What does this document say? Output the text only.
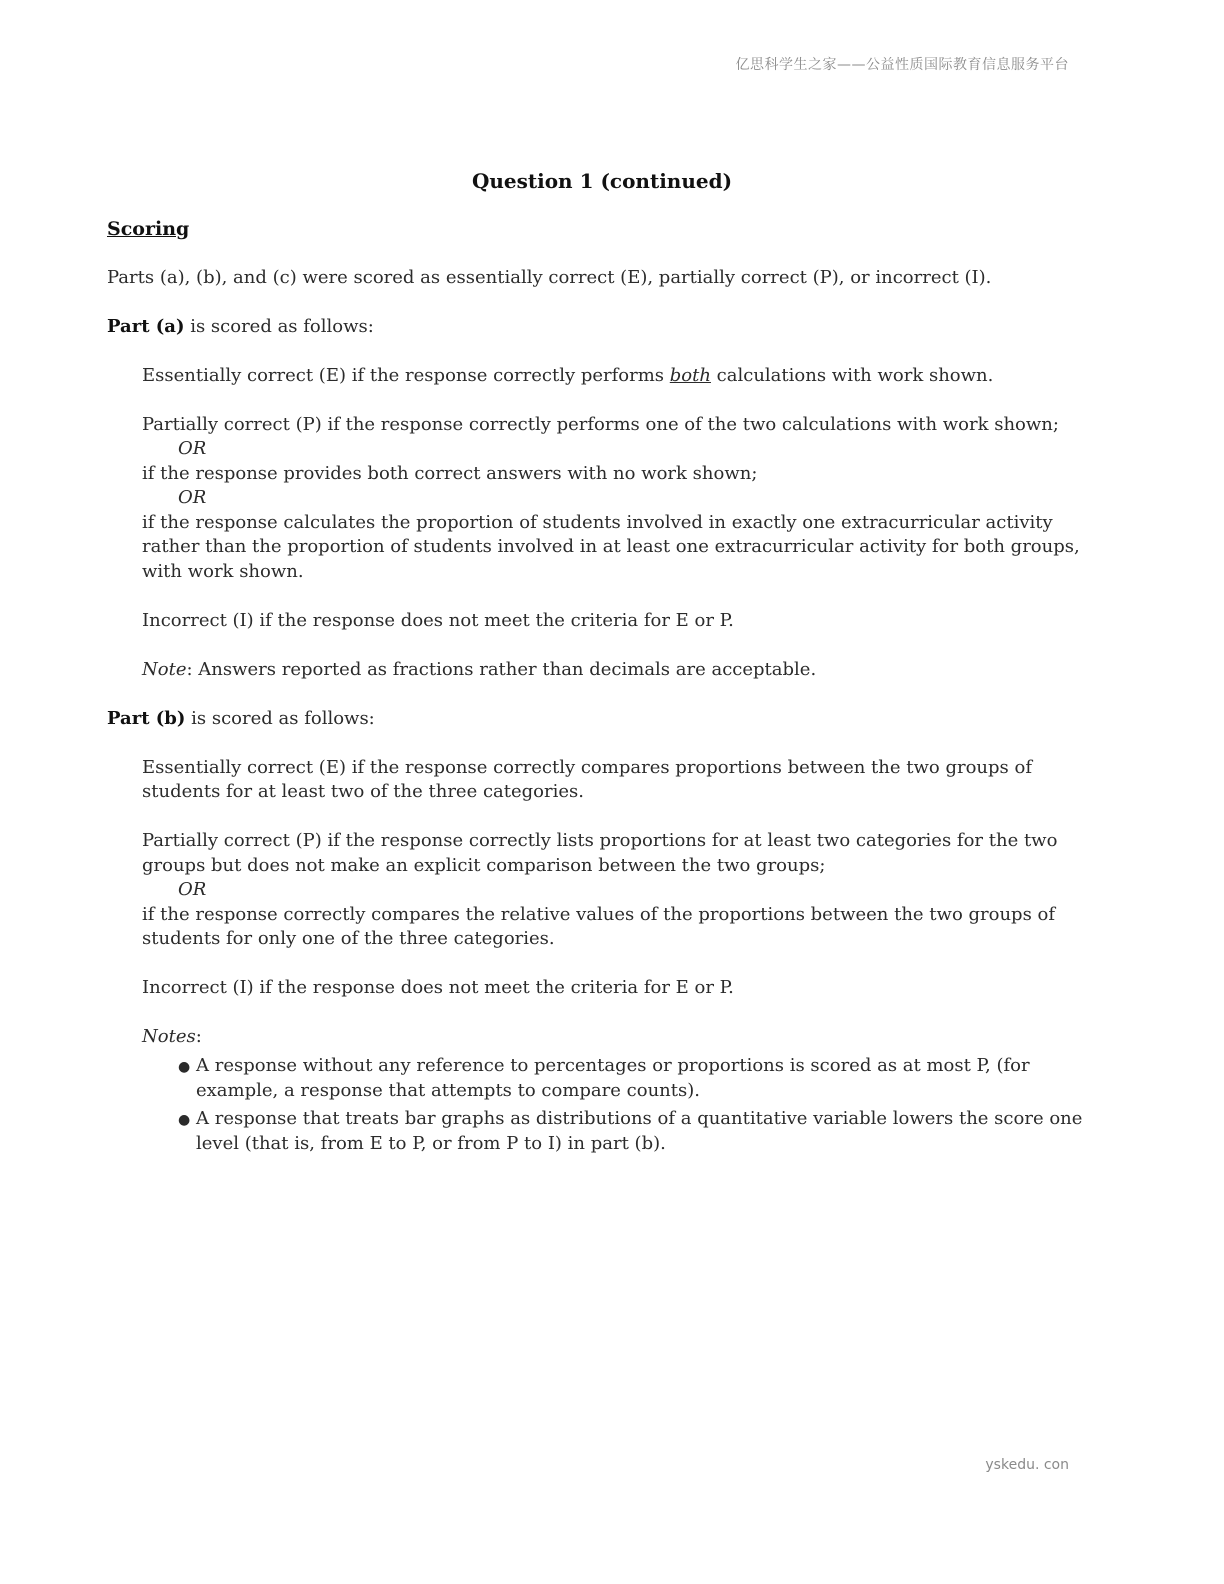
亿思科学生之家——公益性质国际教育信息服务平台
Question 1 (continued)
Scoring

Parts (a), (b), and (c) were scored as essentially correct (E), partially correct (P), or incorrect (I).

Part (a) is scored as follows:

Essentially correct (E) if the response correctly performs both calculations with work shown.

Partially correct (P) if the response correctly performs one of the two calculations with work shown;

OR

if the response provides both correct answers with no work shown;

OR

if the response calculates the proportion of students involved in exactly one extracurricular activity rather than the proportion of students involved in at least one extracurricular activity for both groups, with work shown.

Incorrect (I) if the response does not meet the criteria for E or P.

Note: Answers reported as fractions rather than decimals are acceptable.

Part (b) is scored as follows:

Essentially correct (E) if the response correctly compares proportions between the two groups of students for at least two of the three categories.

Partially correct (P) if the response correctly lists proportions for at least two categories for the two groups but does not make an explicit comparison between the two groups;

OR

if the response correctly compares the relative values of the proportions between the two groups of students for only one of the three categories.

Incorrect (I) if the response does not meet the criteria for E or P.

Notes:

● A response without any reference to percentages or proportions is scored as at most P, (for example, a response that attempts to compare counts).
● A response that treats bar graphs as distributions of a quantitative variable lowers the score one level (that is, from E to P, or from P to I) in part (b).
yskedu. con
